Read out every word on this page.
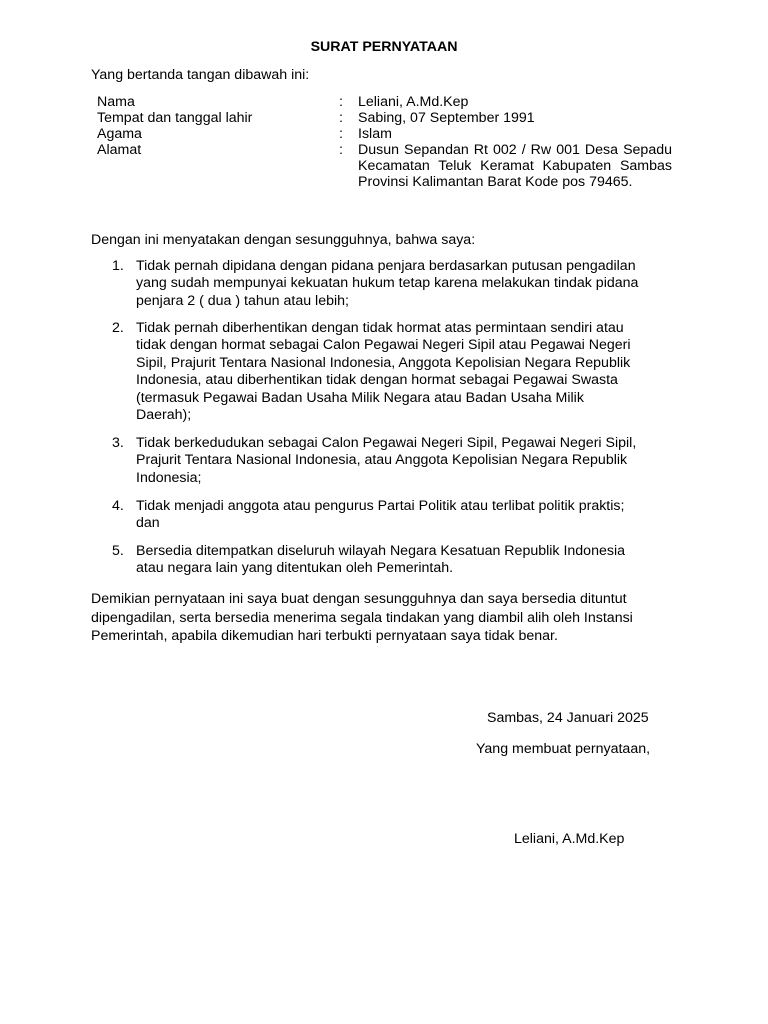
SURAT PERNYATAAN
Yang bertanda tangan dibawah ini:
Nama	:	Leliani, A.Md.Kep
Tempat dan tanggal lahir	:	Sabing, 07 September 1991
Agama	:	Islam
Alamat	:	Dusun Sepandan Rt 002 / Rw 001 Desa Sepadu Kecamatan Teluk Keramat Kabupaten Sambas Provinsi Kalimantan Barat Kode pos 79465.
Dengan ini menyatakan dengan sesungguhnya, bahwa saya:
1. Tidak pernah dipidana dengan pidana penjara berdasarkan putusan pengadilan
yang sudah mempunyai kekuatan hukum tetap karena melakukan tindak pidana
penjara 2 ( dua ) tahun atau lebih;
2. Tidak pernah diberhentikan dengan tidak hormat atas permintaan sendiri atau
tidak dengan hormat sebagai Calon Pegawai Negeri Sipil atau Pegawai Negeri
Sipil, Prajurit Tentara Nasional Indonesia, Anggota Kepolisian Negara Republik
Indonesia, atau diberhentikan tidak dengan hormat sebagai Pegawai Swasta
(termasuk Pegawai Badan Usaha Milik Negara atau Badan Usaha Milik
Daerah);
3. Tidak berkedudukan sebagai Calon Pegawai Negeri Sipil, Pegawai Negeri Sipil,
Prajurit Tentara Nasional Indonesia, atau Anggota Kepolisian Negara Republik
Indonesia;
4. Tidak menjadi anggota atau pengurus Partai Politik atau terlibat politik praktis;
dan
5. Bersedia ditempatkan diseluruh wilayah Negara Kesatuan Republik Indonesia
atau negara lain yang ditentukan oleh Pemerintah.
Demikian pernyataan ini saya buat dengan sesungguhnya dan saya bersedia dituntut
dipengadilan, serta bersedia menerima segala tindakan yang diambil alih oleh Instansi
Pemerintah, apabila dikemudian hari terbukti pernyataan saya tidak benar.
Sambas, 24 Januari 2025
Yang membuat pernyataan,
Leliani, A.Md.Kep
